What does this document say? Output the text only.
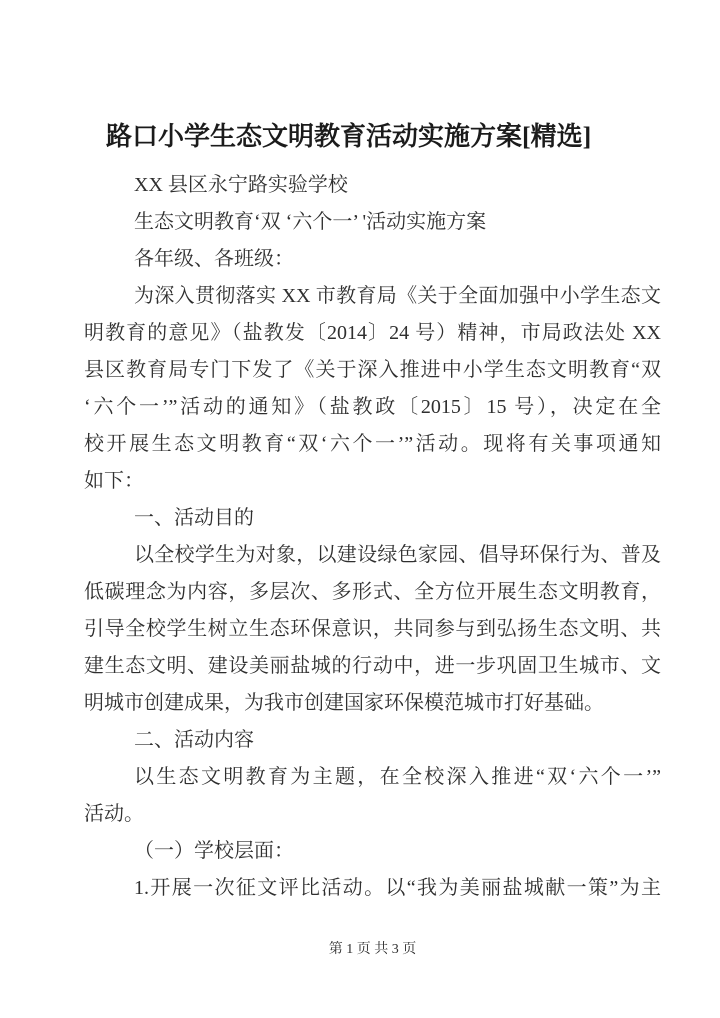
路口小学生态文明教育活动实施方案[精选]
XX 县区永宁路实验学校
生态文明教育‘双 ‘六个一’ '活动实施方案
各年级、各班级：
为深入贯彻落实 XX 市教育局《关于全面加强中小学生态文
明教育的意见》（盐教发〔2014〕24 号）精神，市局政法处 XX
县区教育局专门下发了《关于深入推进中小学生态文明教育“双
‘六个一’”活动的通知》（盐教政〔2015〕15 号），决定在全
校开展生态文明教育“双‘六个一’”活动。现将有关事项通知
如下：
一、活动目的
以全校学生为对象，以建设绿色家园、倡导环保行为、普及
低碳理念为内容，多层次、多形式、全方位开展生态文明教育，
引导全校学生树立生态环保意识，共同参与到弘扬生态文明、共
建生态文明、建设美丽盐城的行动中，进一步巩固卫生城市、文
明城市创建成果，为我市创建国家环保模范城市打好基础。
二、活动内容
以生态文明教育为主题，在全校深入推进“双‘六个一’”
活动。
（一）学校层面：
1.开展一次征文评比活动。以“我为美丽盐城献一策”为主
第 1 页 共 3 页
